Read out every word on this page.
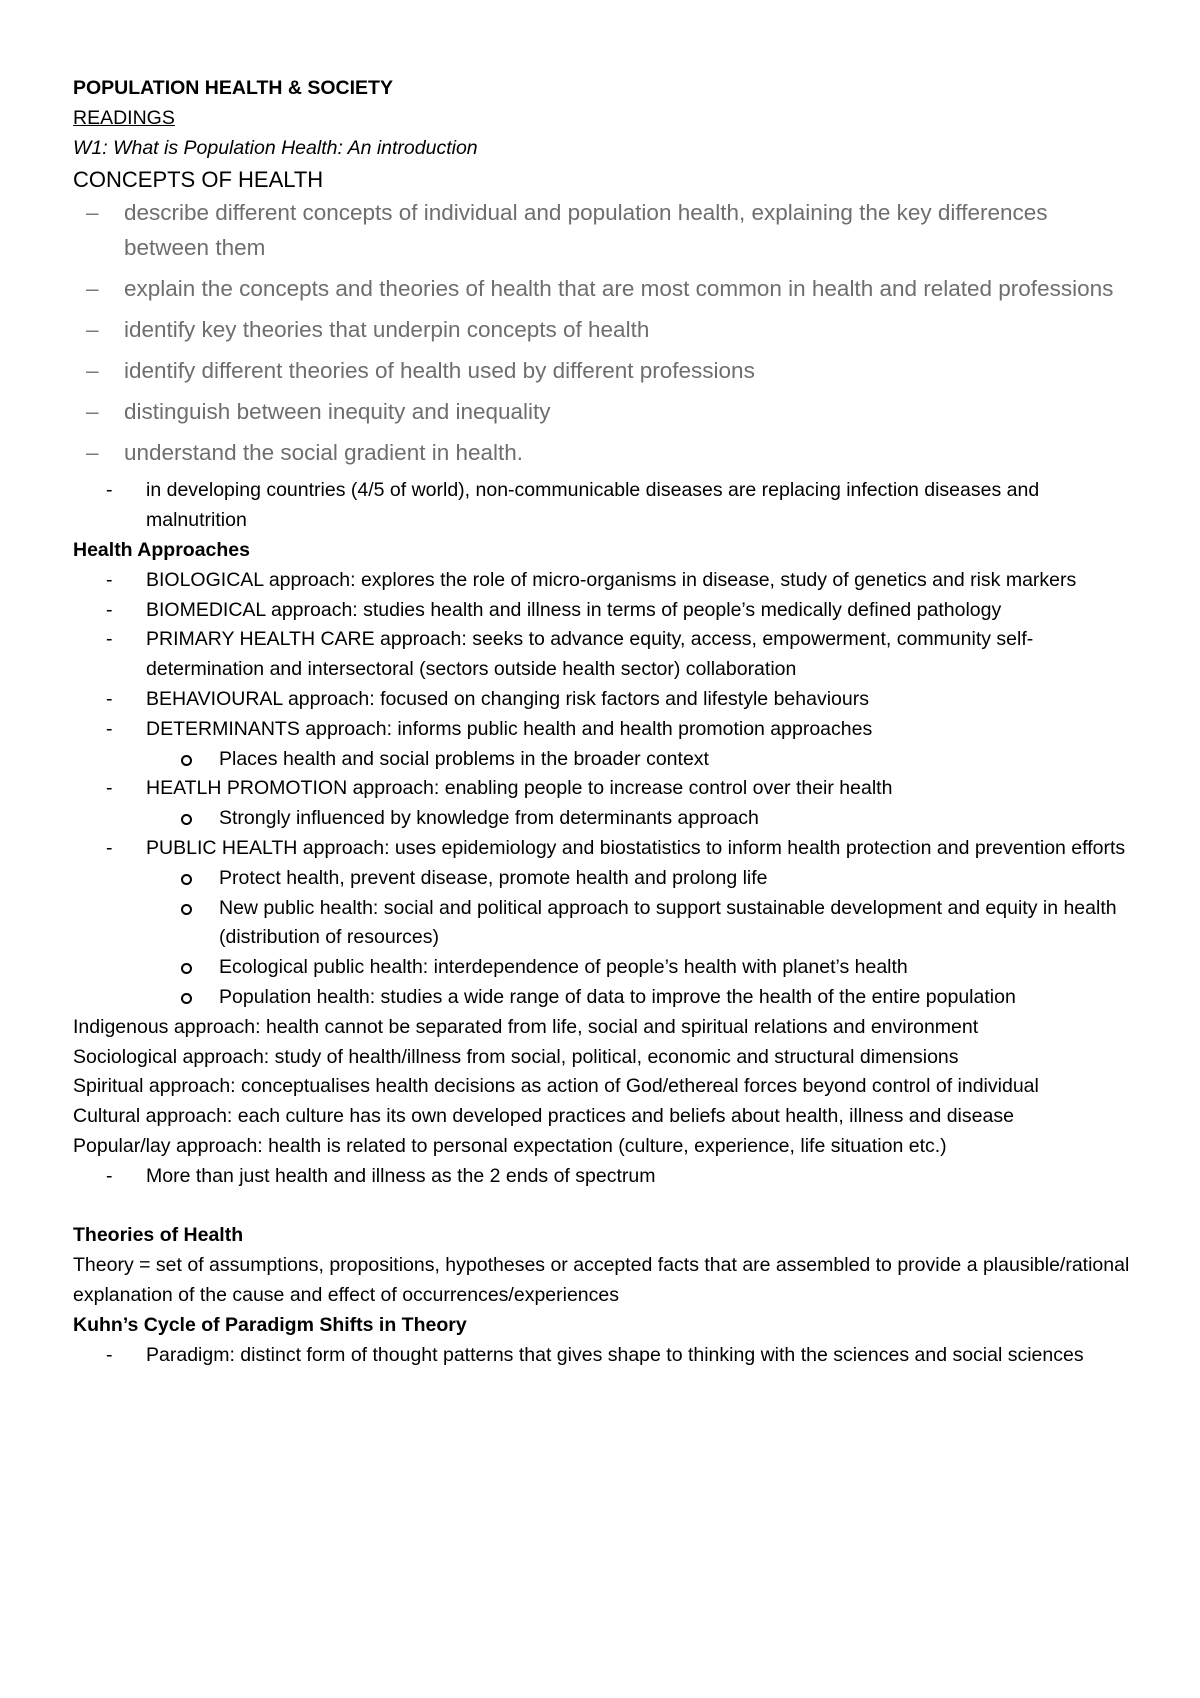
POPULATION HEALTH & SOCIETY
READINGS
W1: What is Population Health: An introduction
CONCEPTS OF HEALTH
– describe different concepts of individual and population health, explaining the key differences between them
– explain the concepts and theories of health that are most common in health and related professions
– identify key theories that underpin concepts of health
– identify different theories of health used by different professions
– distinguish between inequity and inequality
– understand the social gradient in health.
- in developing countries (4/5 of world), non-communicable diseases are replacing infection diseases and malnutrition
Health Approaches
- BIOLOGICAL approach: explores the role of micro-organisms in disease, study of genetics and risk markers
- BIOMEDICAL approach: studies health and illness in terms of people’s medically defined pathology
- PRIMARY HEALTH CARE approach: seeks to advance equity, access, empowerment, community self-determination and intersectoral (sectors outside health sector) collaboration
- BEHAVIOURAL approach: focused on changing risk factors and lifestyle behaviours
- DETERMINANTS approach: informs public health and health promotion approaches
Places health and social problems in the broader context
- HEATLH PROMOTION approach: enabling people to increase control over their health
Strongly influenced by knowledge from determinants approach
- PUBLIC HEALTH approach: uses epidemiology and biostatistics to inform health protection and prevention efforts
Protect health, prevent disease, promote health and prolong life
New public health: social and political approach to support sustainable development and equity in health (distribution of resources)
Ecological public health: interdependence of people’s health with planet’s health
Population health: studies a wide range of data to improve the health of the entire population
Indigenous approach: health cannot be separated from life, social and spiritual relations and environment
Sociological approach: study of health/illness from social, political, economic and structural dimensions
Spiritual approach: conceptualises health decisions as action of God/ethereal forces beyond control of individual
Cultural approach: each culture has its own developed practices and beliefs about health, illness and disease
Popular/lay approach: health is related to personal expectation (culture, experience, life situation etc.)
- More than just health and illness as the 2 ends of spectrum
Theories of Health
Theory = set of assumptions, propositions, hypotheses or accepted facts that are assembled to provide a plausible/rational explanation of the cause and effect of occurrences/experiences
Kuhn’s Cycle of Paradigm Shifts in Theory
- Paradigm: distinct form of thought patterns that gives shape to thinking with the sciences and social sciences
